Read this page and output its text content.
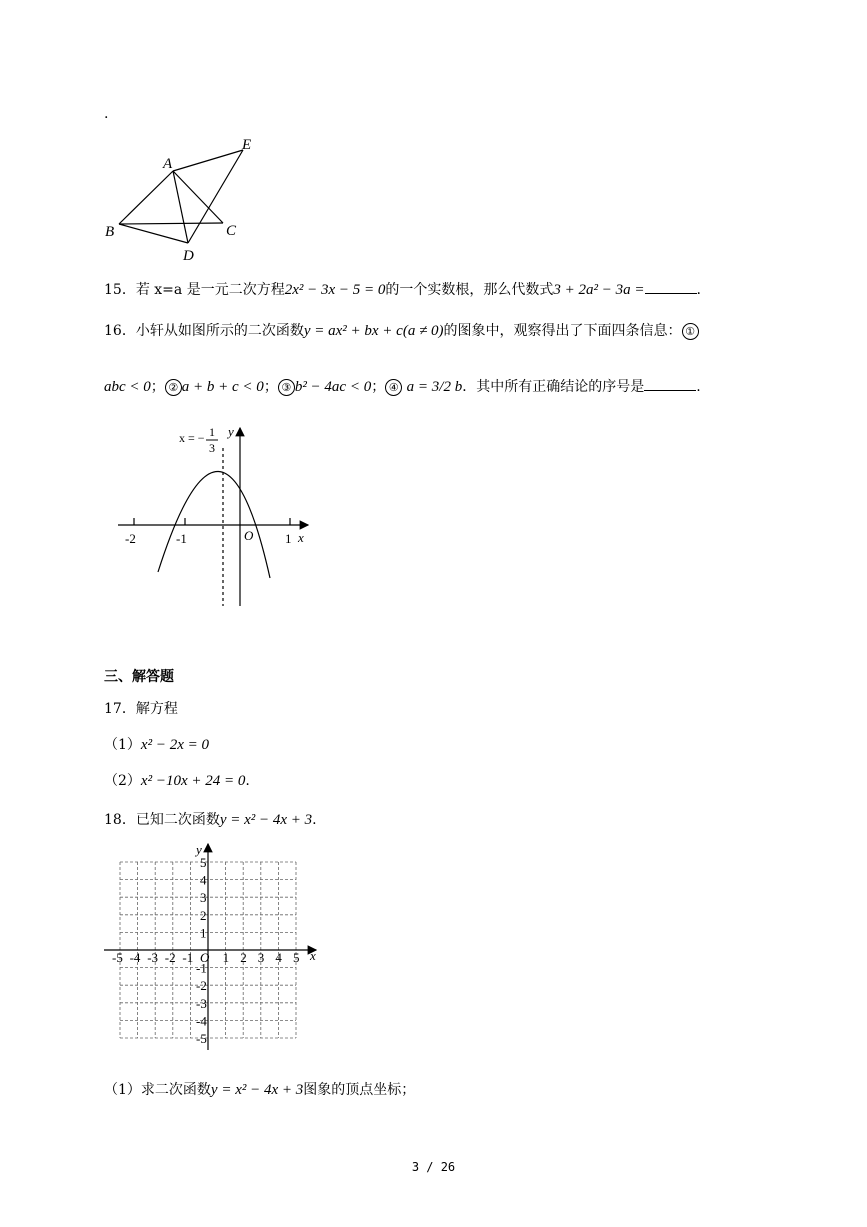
.
A
E
B	C
D
15．若 x=a 是一元二次方程2x² − 3x − 5 = 0的一个实数根，那么代数式3 + 2a² − 3a =	.
16．小轩从如图所示的二次函数y = ax² + bx + c(a ≠ 0)的图象中，观察得出了下面四条信息： ①
abc < 0； ② a + b + c < 0； ③ b² − 4ac < 0； ④ a = 3/2 b．其中所有正确结论的序号是	.
x = − 1
3
y
x
O
-2	-1	1
三、解答题
17．解方程
（1）x² − 2x = 0
（2）x² −10x + 24 = 0.
18．已知二次函数y = x² − 4x + 3.
-5 -4 -3 -2 -1 1 2 3 4 5
5
4
3
2
1
-1
-2
-3
-4
-5
y
x
O
（1）求二次函数y = x² − 4x + 3图象的顶点坐标；
3 / 26
